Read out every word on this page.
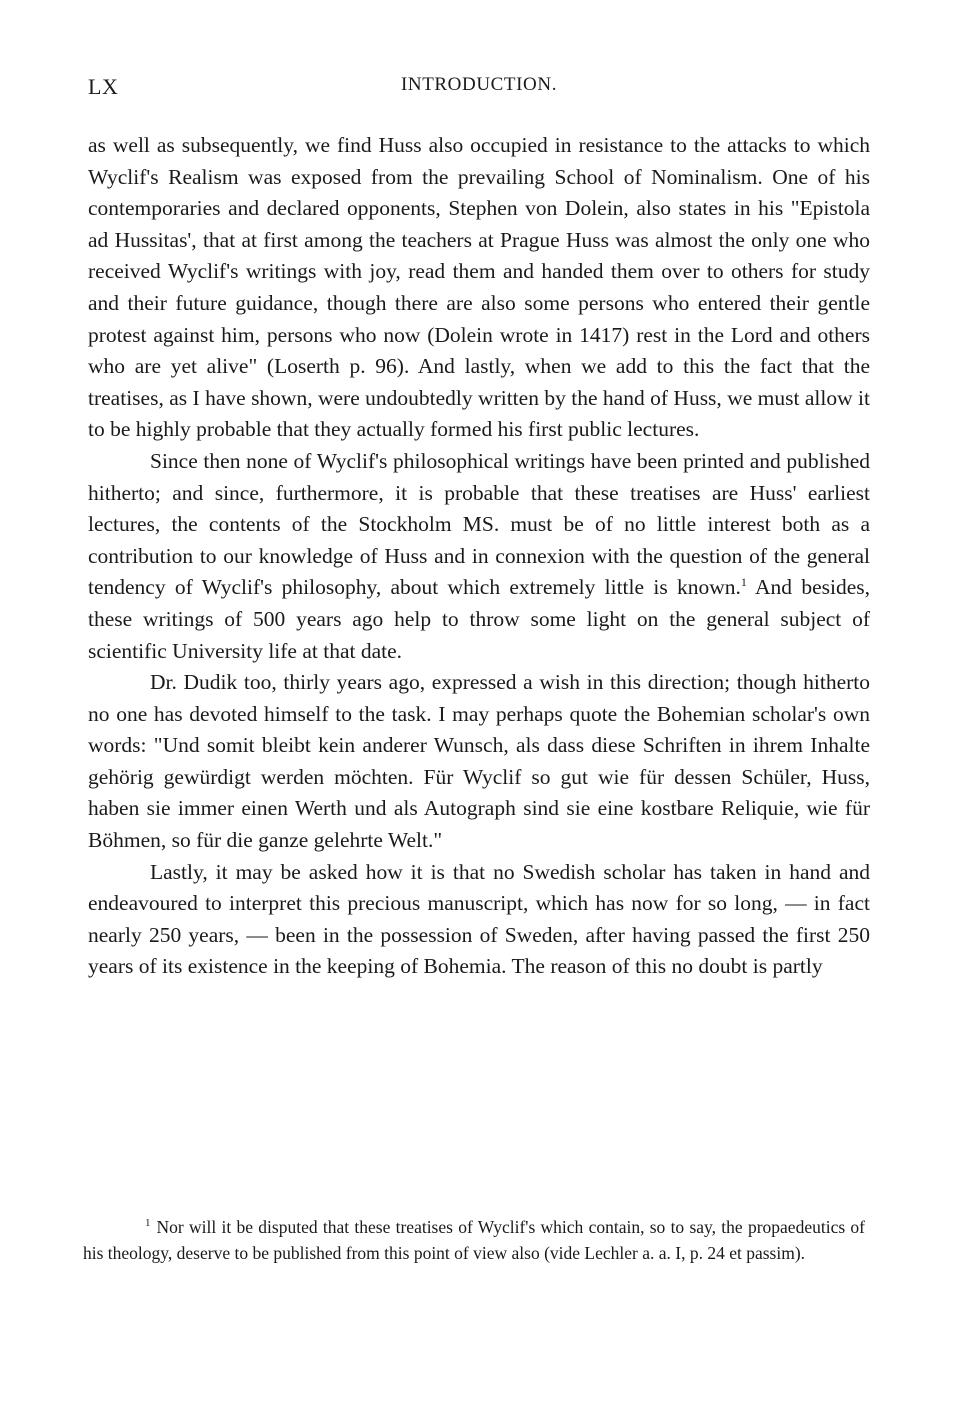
LX	INTRODUCTION.

as well as subsequently, we find Huss also occupied in resistance to the attacks to which Wyclif's Realism was exposed from the prevailing School of Nominalism. One of his contemporaries and declared opponents, Stephen von Dolein, also states in his "Epistola ad Hussitas', that at first among the teachers at Prague Huss was almost the only one who received Wyclif's writings with joy, read them and handed them over to others for study and their future guidance, though there are also some persons who entered their gentle protest against him, persons who now (Dolein wrote in 1417) rest in the Lord and others who are yet alive" (Loserth p. 96). And lastly, when we add to this the fact that the treatises, as I have shown, were undoubtedly written by the hand of Huss, we must allow it to be highly probable that they actually formed his first public lectures.

Since then none of Wyclif's philosophical writings have been printed and published hitherto; and since, furthermore, it is probable that these treatises are Huss' earliest lectures, the contents of the Stockholm MS. must be of no little interest both as a contribution to our knowledge of Huss and in connexion with the question of the general tendency of Wyclif's philosophy, about which extremely little is known.$^1$ And besides, these writings of 500 years ago help to throw some light on the general subject of scientific University life at that date.

Dr. Dudik too, thirly years ago, expressed a wish in this direction; though hitherto no one has devoted himself to the task. I may perhaps quote the Bohemian scholar's own words: "Und somit bleibt kein anderer Wunsch, als dass diese Schriften in ihrem Inhalte gehörig gewürdigt werden möchten. Für Wyclif so gut wie für dessen Schüler, Huss, haben sie immer einen Werth und als Autograph sind sie eine kostbare Reliquie, wie für Böhmen, so für die ganze gelehrte Welt."

Lastly, it may be asked how it is that no Swedish scholar has taken in hand and endeavoured to interpret this precious manuscript, which has now for so long, — in fact nearly 250 years, — been in the possession of Sweden, after having passed the first 250 years of its existence in the keeping of Bohemia. The reason of this no doubt is partly

$^1$ Nor will it be disputed that these treatises of Wyclif's which contain, so to say, the propaedeutics of his theology, deserve to be published from this point of view also (vide Lechler a. a. I, p. 24 et passim).
